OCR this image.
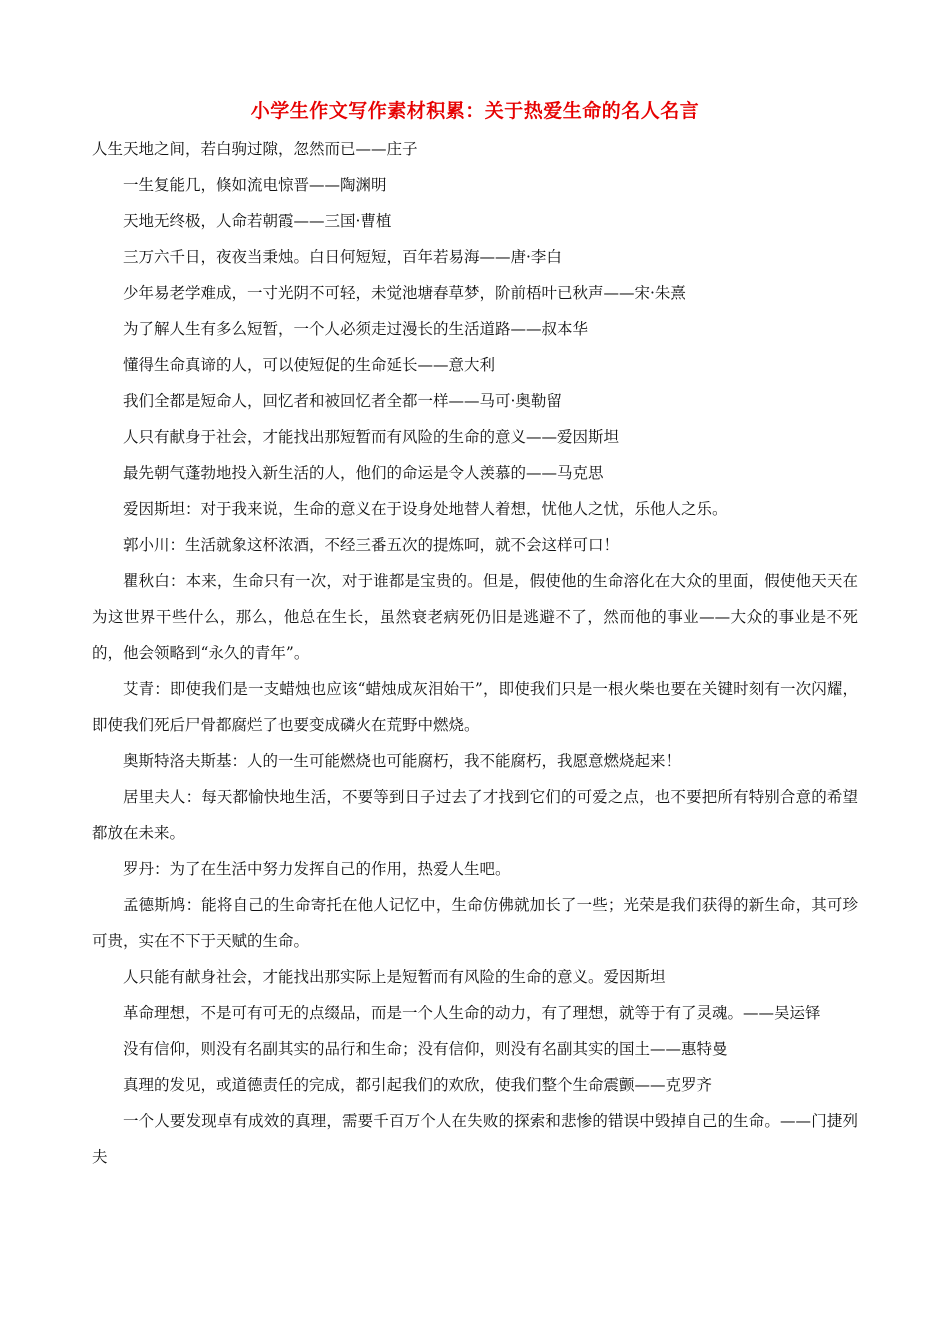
小学生作文写作素材积累：关于热爱生命的名人名言

人生天地之间，若白驹过隙，忽然而已——庄子

一生复能几，倏如流电惊晋——陶渊明

天地无终极，人命若朝霞——三国·曹植

三万六千日，夜夜当秉烛。白日何短短，百年若易海——唐·李白

少年易老学难成，一寸光阴不可轻，未觉池塘春草梦，阶前梧叶已秋声——宋·朱熹

为了解人生有多么短暂，一个人必须走过漫长的生活道路——叔本华

懂得生命真谛的人，可以使短促的生命延长——意大利

我们全都是短命人，回忆者和被回忆者全都一样——马可·奥勒留

人只有献身于社会，才能找出那短暂而有风险的生命的意义——爱因斯坦

最先朝气蓬勃地投入新生活的人，他们的命运是令人羡慕的——马克思

爱因斯坦：对于我来说，生命的意义在于设身处地替人着想，忧他人之忧，乐他人之乐。

郭小川：生活就象这杯浓酒，不经三番五次的提炼呵，就不会这样可口！

瞿秋白：本来，生命只有一次，对于谁都是宝贵的。但是，假使他的生命溶化在大众的里面，假使他天天在为这世界干些什么，那么，他总在生长，虽然衰老病死仍旧是逃避不了，然而他的事业——大众的事业是不死的，他会领略到“永久的青年”。

艾青：即使我们是一支蜡烛也应该“蜡烛成灰泪始干”，即使我们只是一根火柴也要在关键时刻有一次闪耀，即使我们死后尸骨都腐烂了也要变成磷火在荒野中燃烧。

奥斯特洛夫斯基：人的一生可能燃烧也可能腐朽，我不能腐朽，我愿意燃烧起来！

居里夫人：每天都愉快地生活，不要等到日子过去了才找到它们的可爱之点，也不要把所有特别合意的希望都放在未来。

罗丹：为了在生活中努力发挥自己的作用，热爱人生吧。

孟德斯鸠：能将自己的生命寄托在他人记忆中，生命仿佛就加长了一些；光荣是我们获得的新生命，其可珍可贵，实在不下于天赋的生命。

人只能有献身社会，才能找出那实际上是短暂而有风险的生命的意义。爱因斯坦

革命理想，不是可有可无的点缀品，而是一个人生命的动力，有了理想，就等于有了灵魂。——吴运铎

没有信仰，则没有名副其实的品行和生命；没有信仰，则没有名副其实的国土——惠特曼

真理的发见，或道德责任的完成，都引起我们的欢欣，使我们整个生命震颤——克罗齐

一个人要发现卓有成效的真理，需要千百万个人在失败的探索和悲惨的错误中毁掉自己的生命。——门捷列夫
